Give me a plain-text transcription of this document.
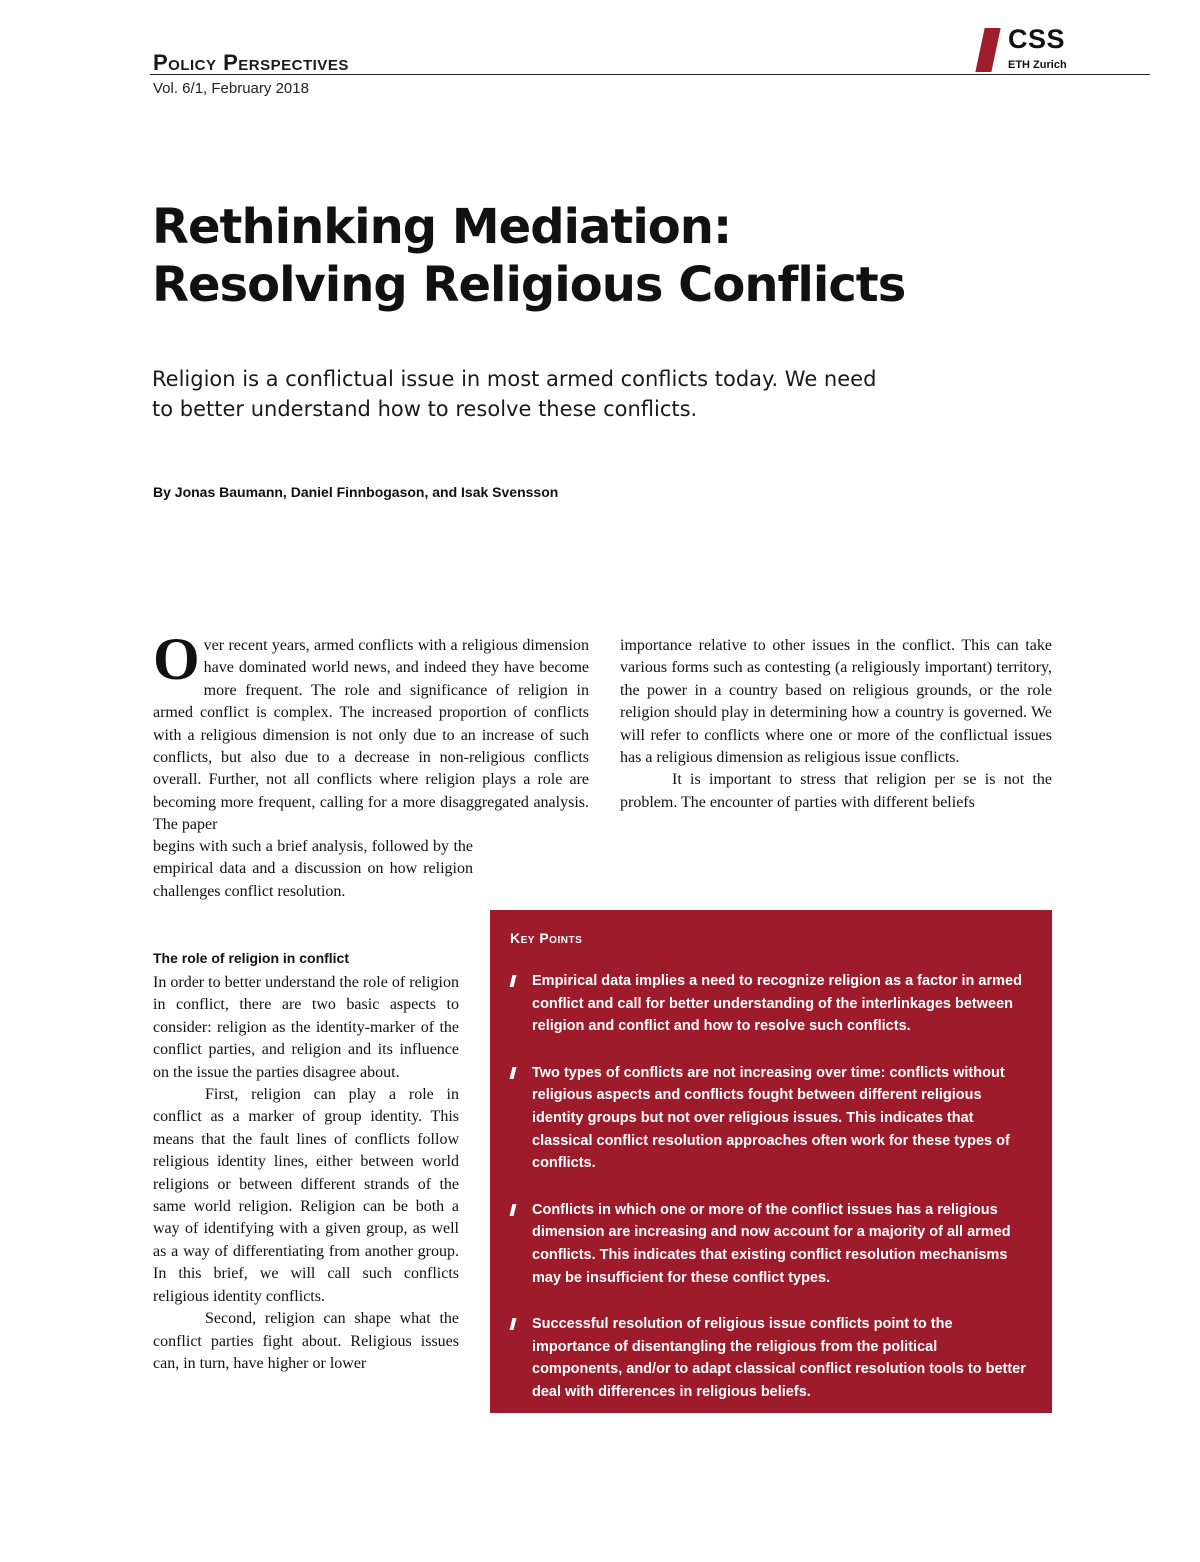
Policy Perspectives
Vol. 6/1, February 2018
CSS
ETH Zurich
Rethinking Mediation:
Resolving Religious Conflicts

Religion is a conflictual issue in most armed conflicts today. We need
to better understand how to resolve these conflicts.

By Jonas Baumann, Daniel Finnbogason, and Isak Svensson

Over recent years, armed conflicts with a religious dimension have dominated world news, and indeed they have become more frequent. The role and significance of religion in armed conflict is complex. The increased proportion of conflicts with a religious dimension is not only due to an increase of such conflicts, but also due to a decrease in non-religious conflicts overall. Further, not all conflicts where religion plays a role are becoming more frequent, calling for a more disaggregated analysis. The paper

begins with such a brief analysis, followed by the empirical data and a discussion on how religion challenges conflict resolution.

The role of religion in conflict

In order to better understand the role of religion in conflict, there are two basic aspects to consider: religion as the identity-marker of the conflict parties, and religion and its influence on the issue the parties disagree about.

First, religion can play a role in conflict as a marker of group identity. This means that the fault lines of conflicts follow religious identity lines, either between world religions or between different strands of the same world religion. Religion can be both a way of identifying with a given group, as well as a way of differentiating from another group. In this brief, we will call such conflicts religious identity conflicts.

Second, religion can shape what the conflict parties fight about. Religious issues can, in turn, have higher or lower

importance relative to other issues in the conflict. This can take various forms such as contesting (a religiously important) territory, the power in a country based on religious grounds, or the role religion should play in determining how a country is governed. We will refer to conflicts where one or more of the conflictual issues has a religious dimension as religious issue conflicts.

It is important to stress that religion per se is not the problem. The encounter of parties with different beliefs

Key Points
Empirical data implies a need to recognize religion as a factor in armed conflict and call for better understanding of the interlinkages between religion and conflict and how to resolve such conflicts.
Two types of conflicts are not increasing over time: conflicts without religious aspects and conflicts fought between different religious identity groups but not over religious issues. This indicates that classical conflict resolution approaches often work for these types of conflicts.
Conflicts in which one or more of the conflict issues has a religious dimension are increasing and now account for a majority of all armed conflicts. This indicates that existing conflict resolution mechanisms may be insufficient for these conflict types.
Successful resolution of religious issue conflicts point to the importance of disentangling the religious from the political components, and/or to adapt classical conflict resolution tools to better deal with differences in religious beliefs.
